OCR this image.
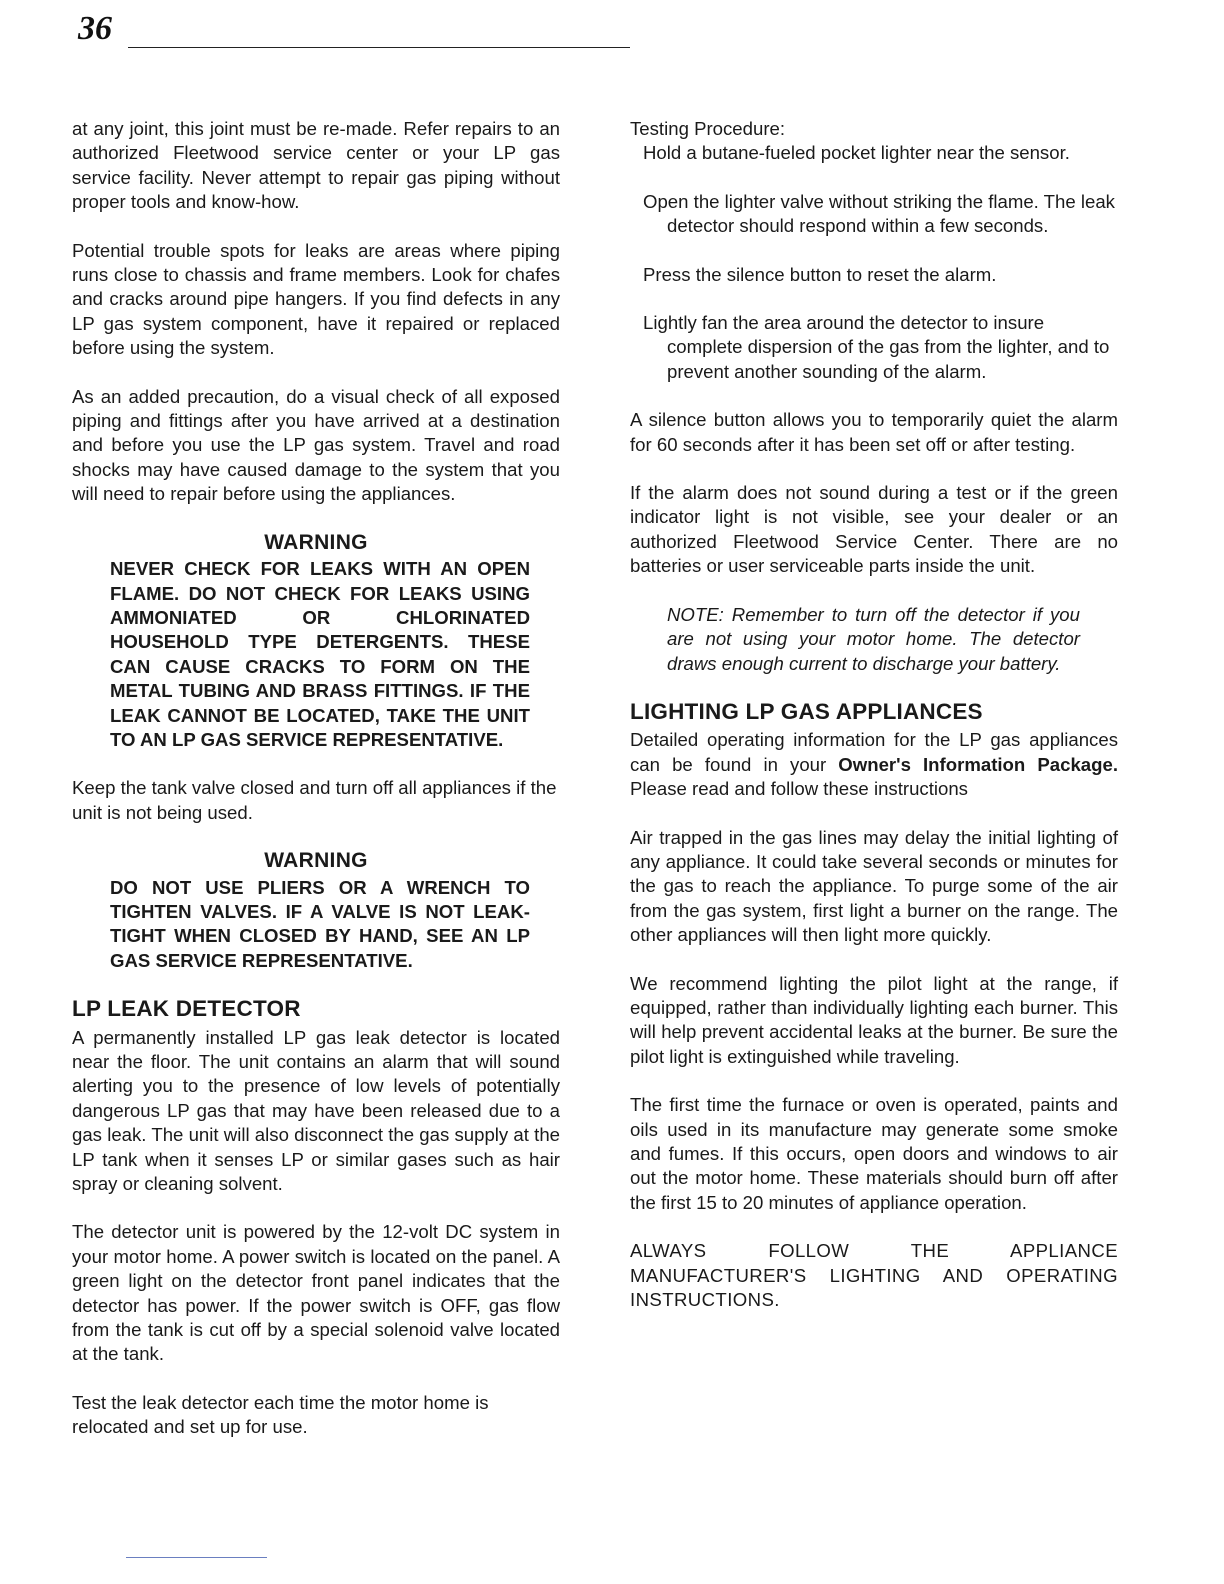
36

at any joint, this joint must be re-made. Refer repairs to an authorized Fleetwood service center or your LP gas service facility. Never attempt to repair gas piping without proper tools and know-how.

Potential trouble spots for leaks are areas where piping runs close to chassis and frame members. Look for chafes and cracks around pipe hangers. If you find defects in any LP gas system component, have it repaired or replaced before using the system.

As an added precaution, do a visual check of all exposed piping and fittings after you have arrived at a destination and before you use the LP gas system. Travel and road shocks may have caused damage to the system that you will need to repair before using the appliances.

WARNING
NEVER CHECK FOR LEAKS WITH AN OPEN FLAME. DO NOT CHECK FOR LEAKS USING AMMONIATED OR CHLORINATED HOUSEHOLD TYPE DETERGENTS. THESE CAN CAUSE CRACKS TO FORM ON THE METAL TUBING AND BRASS FITTINGS. IF THE LEAK CANNOT BE LOCATED, TAKE THE UNIT TO AN LP GAS SERVICE REPRESENTATIVE.

Keep the tank valve closed and turn off all appliances if the unit is not being used.

WARNING
DO NOT USE PLIERS OR A WRENCH TO TIGHTEN VALVES. IF A VALVE IS NOT LEAK-TIGHT WHEN CLOSED BY HAND, SEE AN LP GAS SERVICE REPRESENTATIVE.
LP LEAK DETECTOR

A permanently installed LP gas leak detector is located near the floor. The unit contains an alarm that will sound alerting you to the presence of low levels of potentially dangerous LP gas that may have been released due to a gas leak. The unit will also disconnect the gas supply at the LP tank when it senses LP or similar gases such as hair spray or cleaning solvent.

The detector unit is powered by the 12-volt DC system in your motor home. A power switch is located on the panel. A green light on the detector front panel indicates that the detector has power. If the power switch is OFF, gas flow from the tank is cut off by a special solenoid valve located at the tank.

Test the leak detector each time the motor home is relocated and set up for use.

Testing Procedure:
Hold a butane-fueled pocket lighter near the sensor.
Open the lighter valve without striking the flame. The leak detector should respond within a few seconds.
Press the silence button to reset the alarm.
Lightly fan the area around the detector to insure complete dispersion of the gas from the lighter, and to prevent another sounding of the alarm.

A silence button allows you to temporarily quiet the alarm for 60 seconds after it has been set off or after testing.

If the alarm does not sound during a test or if the green indicator light is not visible, see your dealer or an authorized Fleetwood Service Center. There are no batteries or user serviceable parts inside the unit.

NOTE: Remember to turn off the detector if you are not using your motor home. The detector draws enough current to discharge your battery.

LIGHTING LP GAS APPLIANCES

Detailed operating information for the LP gas appliances can be found in your Owner's Information Package. Please read and follow these instructions

Air trapped in the gas lines may delay the initial lighting of any appliance. It could take several seconds or minutes for the gas to reach the appliance. To purge some of the air from the gas system, first light a burner on the range. The other appliances will then light more quickly.

We recommend lighting the pilot light at the range, if equipped, rather than individually lighting each burner. This will help prevent accidental leaks at the burner. Be sure the pilot light is extinguished while traveling.

The first time the furnace or oven is operated, paints and oils used in its manufacture may generate some smoke and fumes. If this occurs, open doors and windows to air out the motor home. These materials should burn off after the first 15 to 20 minutes of appliance operation.

ALWAYS FOLLOW THE APPLIANCE MANUFACTURER'S LIGHTING AND OPERATING INSTRUCTIONS.
